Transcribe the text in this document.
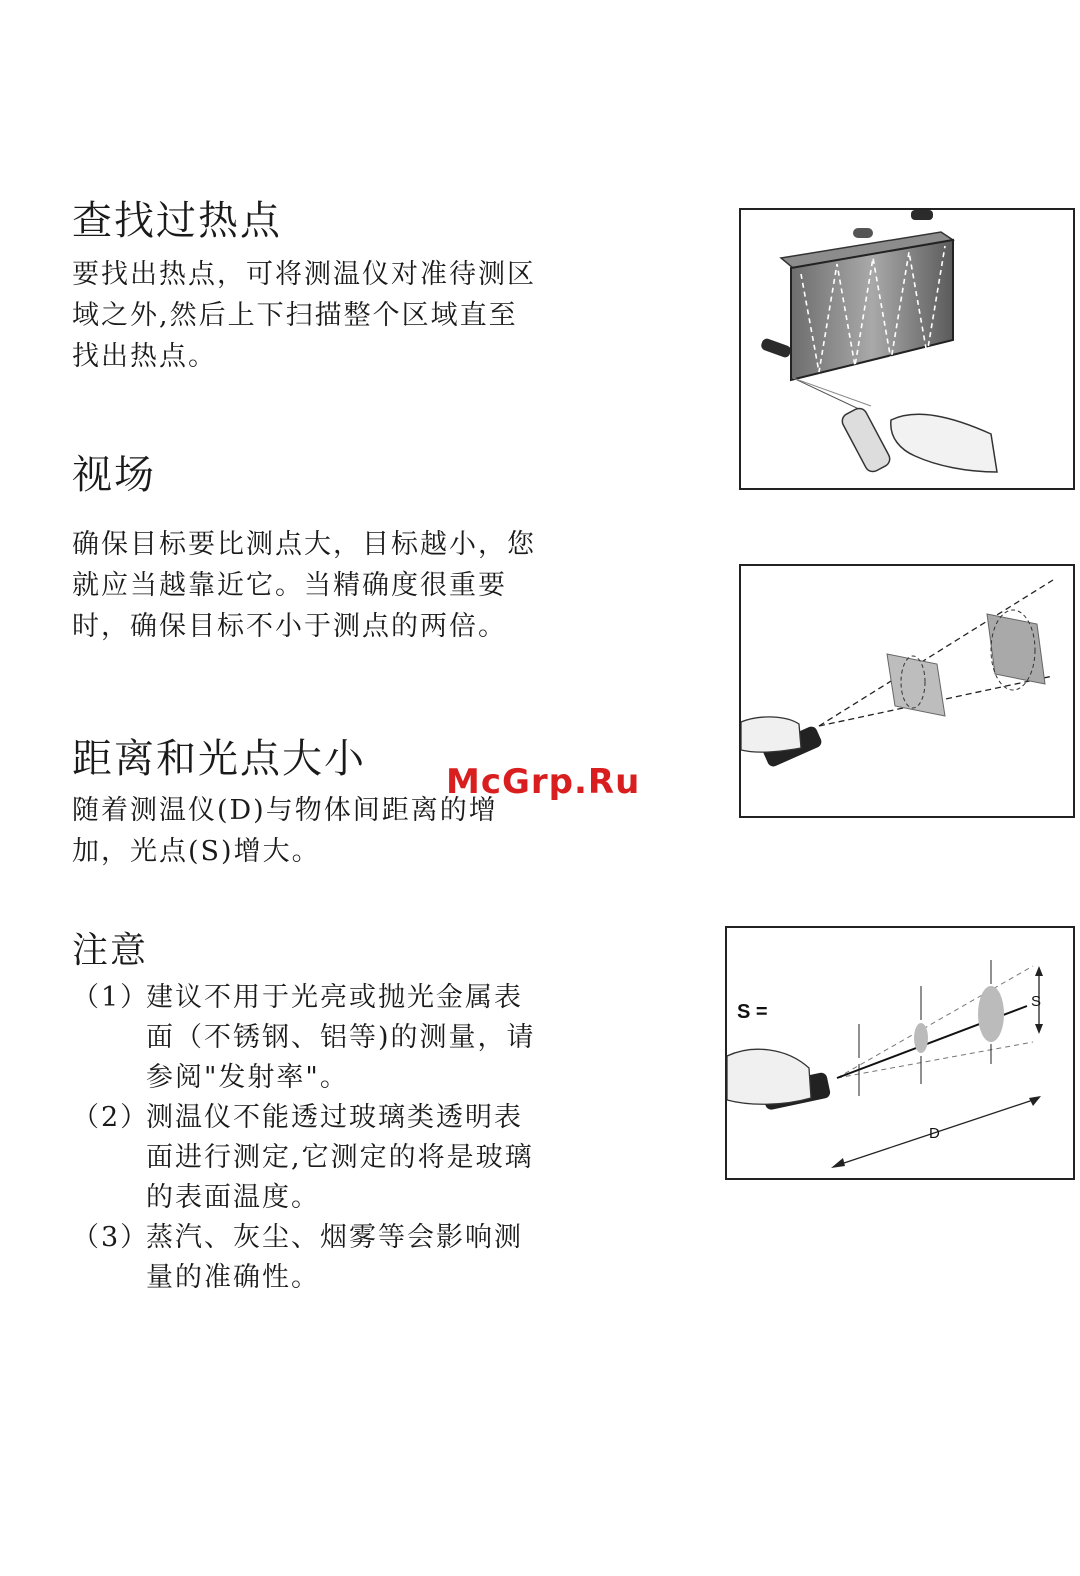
查找过热点

要找出热点，可将测温仪对准待测区域之外,然后上下扫描整个区域直至找出热点。

视场

确保目标要比测点大，目标越小，您就应当越靠近它。当精确度很重要时，确保目标不小于测点的两倍。

距离和光点大小

随着测温仪(D)与物体间距离的增加，光点(S)增大。

注意
（1）
建议不用于光亮或抛光金属表面（不锈钢、铝等)的测量，请参阅"发射率"。
（2）
测温仪不能透过玻璃类透明表面进行测定,它测定的将是玻璃的表面温度。
（3）
蒸汽、灰尘、烟雾等会影响测量的准确性。
S
S =
D
McGrp.Ru
